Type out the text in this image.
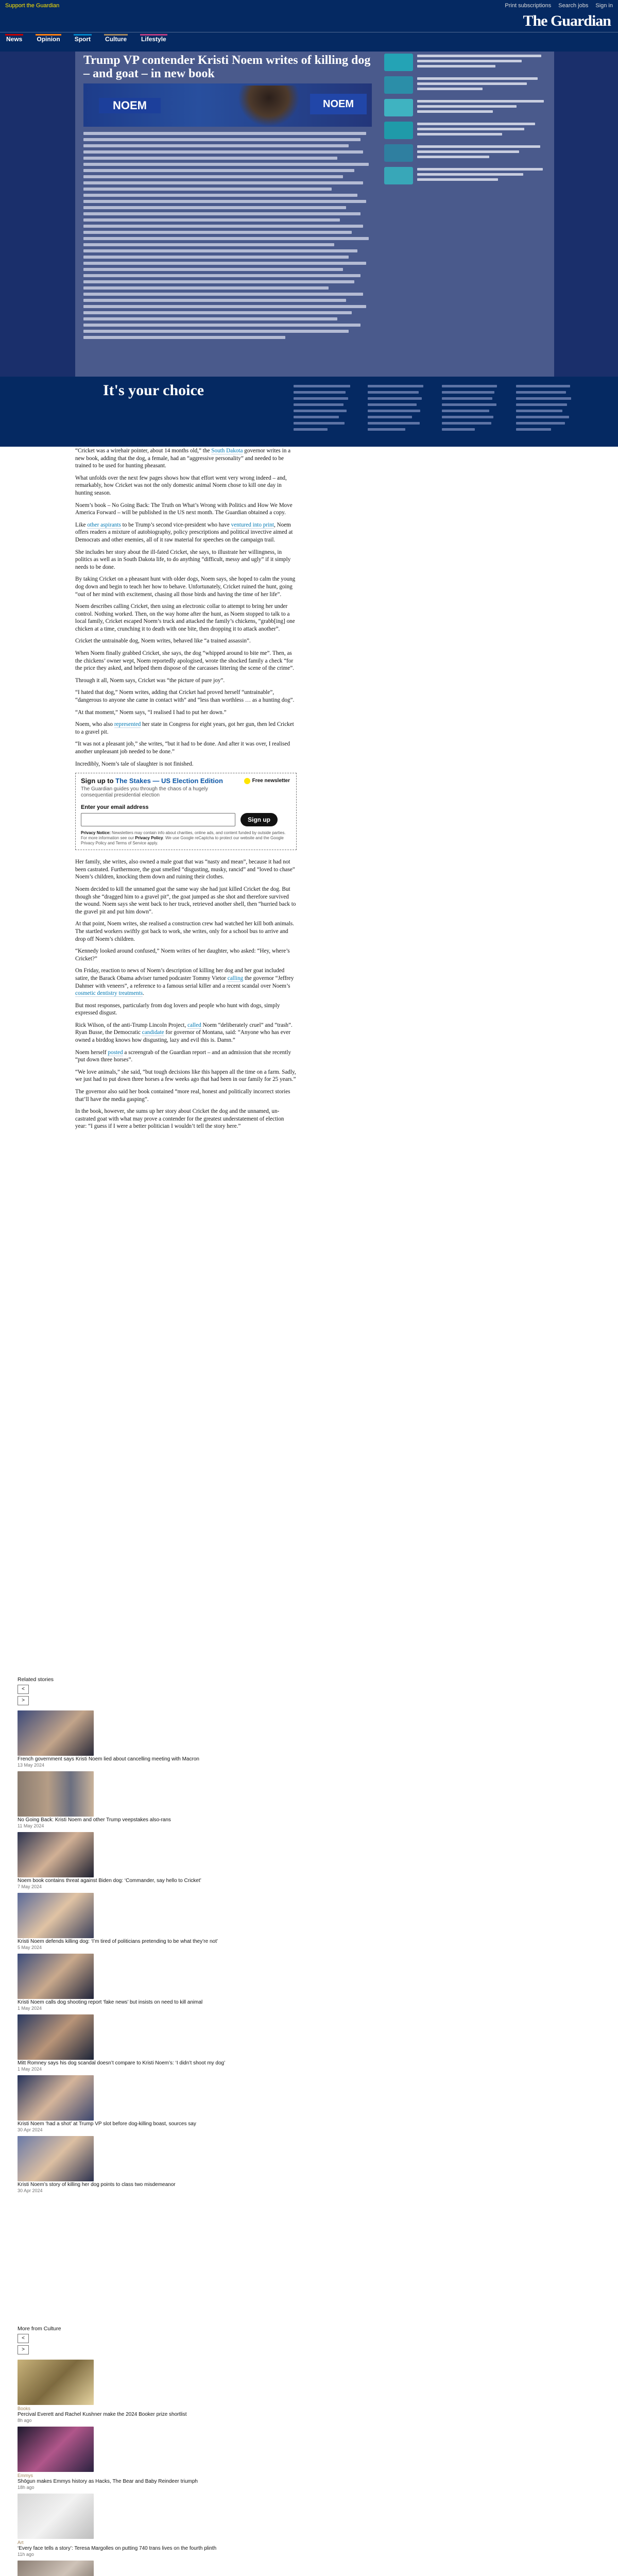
Support the Guardian	Print subscriptions Search jobs Sign in
The Guardian
News Opinion Sport Culture Lifestyle
Trump VP contender Kristi Noem writes of killing dog – and goat – in new book
NOEM	NOEM
It's your choice

“Cricket was a wirehair pointer, about 14 months old,” the South Dakota governor writes in a new book, adding that the dog, a female, had an “aggressive personality” and needed to be trained to be used for hunting pheasant.

What unfolds over the next few pages shows how that effort went very wrong indeed – and, remarkably, how Cricket was not the only domestic animal Noem chose to kill one day in hunting season.

Noem’s book – No Going Back: The Truth on What’s Wrong with Politics and How We Move America Forward – will be published in the US next month. The Guardian obtained a copy.

Like other aspirants to be Trump’s second vice-president who have ventured into print, Noem offers readers a mixture of autobiography, policy prescriptions and political invective aimed at Democrats and other enemies, all of it raw material for speeches on the campaign trail.

She includes her story about the ill-fated Cricket, she says, to illustrate her willingness, in politics as well as in South Dakota life, to do anything “difficult, messy and ugly” if it simply needs to be done.

By taking Cricket on a pheasant hunt with older dogs, Noem says, she hoped to calm the young dog down and begin to teach her how to behave. Unfortunately, Cricket ruined the hunt, going “out of her mind with excitement, chasing all those birds and having the time of her life”.

Noem describes calling Cricket, then using an electronic collar to attempt to bring her under control. Nothing worked. Then, on the way home after the hunt, as Noem stopped to talk to a local family, Cricket escaped Noem’s truck and attacked the family’s chickens, “grabb[ing] one chicken at a time, crunching it to death with one bite, then dropping it to attack another”.

Cricket the untrainable dog, Noem writes, behaved like “a trained assassin”.

When Noem finally grabbed Cricket, she says, the dog “whipped around to bite me”. Then, as the chickens’ owner wept, Noem reportedly apologised, wrote the shocked family a check “for the price they asked, and helped them dispose of the carcasses littering the scene of the crime”.

Through it all, Noem says, Cricket was “the picture of pure joy”.

“I hated that dog,” Noem writes, adding that Cricket had proved herself “untrainable”, “dangerous to anyone she came in contact with” and “less than worthless … as a hunting dog”.

“At that moment,” Noem says, “I realised I had to put her down.”

Noem, who also represented her state in Congress for eight years, got her gun, then led Cricket to a gravel pit.

“It was not a pleasant job,” she writes, “but it had to be done. And after it was over, I realised another unpleasant job needed to be done.”

Incredibly, Noem’s tale of slaughter is not finished.

Sign up to The Stakes — US Election Edition	Free newsletter
The Guardian guides you through the chaos of a hugely consequential presidential election
Enter your email address
Sign up
Privacy Notice: Newsletters may contain info about charities, online ads, and content funded by outside parties. For more information see our Privacy Policy. We use Google reCaptcha to protect our website and the Google Privacy Policy and Terms of Service apply.

Her family, she writes, also owned a male goat that was “nasty and mean”, because it had not been castrated. Furthermore, the goat smelled “disgusting, musky, rancid” and “loved to chase” Noem’s children, knocking them down and ruining their clothes.

Noem decided to kill the unnamed goat the same way she had just killed Cricket the dog. But though she “dragged him to a gravel pit”, the goat jumped as she shot and therefore survived the wound. Noem says she went back to her truck, retrieved another shell, then “hurried back to the gravel pit and put him down”.

At that point, Noem writes, she realised a construction crew had watched her kill both animals. The startled workers swiftly got back to work, she writes, only for a school bus to arrive and drop off Noem’s children.

“Kennedy looked around confused,” Noem writes of her daughter, who asked: “Hey, where’s Cricket?”

On Friday, reaction to news of Noem’s description of killing her dog and her goat included satire, the Barack Obama adviser turned podcaster Tommy Vietor calling the governor “Jeffrey Dahmer with veneers”, a reference to a famous serial killer and a recent scandal over Noem’s cosmetic dentistry treatments.

But most responses, particularly from dog lovers and people who hunt with dogs, simply expressed disgust.

Rick Wilson, of the anti-Trump Lincoln Project, called Noem “deliberately cruel” and “trash”. Ryan Busse, the Democratic candidate for governor of Montana, said: “Anyone who has ever owned a birddog knows how disgusting, lazy and evil this is. Damn.”

Noem herself posted a screengrab of the Guardian report – and an admission that she recently “put down three horses”.

“We love animals,” she said, “but tough decisions like this happen all the time on a farm. Sadly, we just had to put down three horses a few weeks ago that had been in our family for 25 years.”

The governor also said her book contained “more real, honest and politically incorrect stories that’ll have the media gasping”.

In the book, however, she sums up her story about Cricket the dog and the unnamed, un-castrated goat with what may prove a contender for the greatest understatement of election year: “I guess if I were a better politician I wouldn’t tell the story here.”

Related stories
<
>
French government says Kristi Noem lied about cancelling meeting with Macron
13 May 2024
No Going Back: Kristi Noem and other Trump veepstakes also-rans
11 May 2024
Noem book contains threat against Biden dog: ‘Commander, say hello to Cricket’
7 May 2024
Kristi Noem defends killing dog: ‘I’m tired of politicians pretending to be what they’re not’
5 May 2024
Kristi Noem calls dog shooting report ‘fake news’ but insists on need to kill animal
1 May 2024
Mitt Romney says his dog scandal doesn’t compare to Kristi Noem’s: ‘I didn’t shoot my dog’
1 May 2024
Kristi Noem ‘had a shot’ at Trump VP slot before dog-killing boast, sources say
30 Apr 2024
Kristi Noem’s story of killing her dog points to class two misdemeanor
30 Apr 2024
More from Culture
<
>
Books
Percival Everett and Rachel Kushner make the 2024 Booker prize shortlist
8h ago
Emmys
Shōgun makes Emmys history as Hacks, The Bear and Baby Reindeer triumph
18h ago
Art
‘Every face tells a story’: Teresa Margolles on putting 740 trans lives on the fourth plinth
11h ago
